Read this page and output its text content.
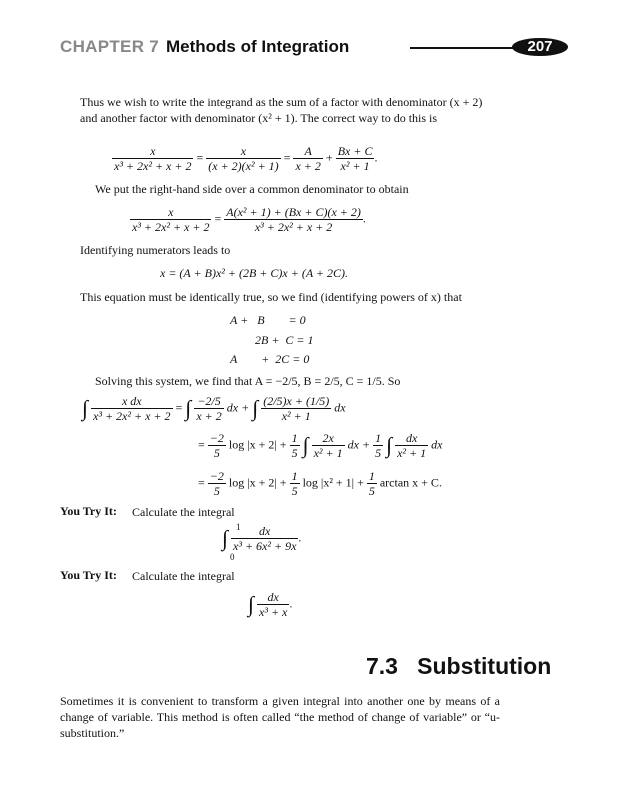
CHAPTER 7 Methods of Integration	207
Thus we wish to write the integrand as the sum of a factor with denominator (x + 2) and another factor with denominator (x² + 1). The correct way to do this is
$\frac{x}{\text{x³ + 2x² + x + 2}} = \frac{x}{\text{(x + 2)(x² + 1)}} = \frac{A}{x + 2} + \frac{Bx + C}{\text{x² + 1}}$ .
We put the right-hand side over a common denominator to obtain
$\frac{x}{\text{x³ + 2x² + x + 2}} = \frac{\text{A(x² + 1) + (Bx + C)(x + 2)}}{\text{x³ + 2x² + x + 2}}$ .
Identifying numerators leads to
x = (A + B)x² + (2B + C)x + (A + 2C).
This equation must be identically true, so we find (identifying powers of x) that
A +   B        = 0
2B +  C = 1
A        +  2C = 0
Solving this system, we find that A = −2/5, B = 2/5, C = 1/5. So
∫ $\frac{\text{x dx}}{\text{x³ + 2x² + x + 2}}$ = ∫ $\frac{-2/5}{x + 2}$ dx + ∫ $\frac{(2/5)x + (1/5)}{\text{x² + 1}}$ dx
= $\frac{-2}{5}$ $\log |x + 2| + \frac{1}{5}$ ∫ $\frac{2x}{\text{x² + 1}}$ dx + $\frac{1}{5}$ ∫ $\frac{dx}{\text{x² + 1}}$ dx
= $\frac{-2}{5}$ $\log |x + 2| + \frac{1}{5}$ $\log |x^2 + 1| + \frac{1}{5}$ arctan x + C.
You Try It: Calculate the integral
∫ 1
0
$\frac{dx}{\text{x³ + 6x² + 9x}}$ .
You Try It: Calculate the integral
∫ $\frac{dx}{\text{x³ + x}}$ .
7.3   Substitution
Sometimes it is convenient to transform a given integral into another one by means of a change of variable. This method is often called “the method of change of variable” or “u-substitution.”
